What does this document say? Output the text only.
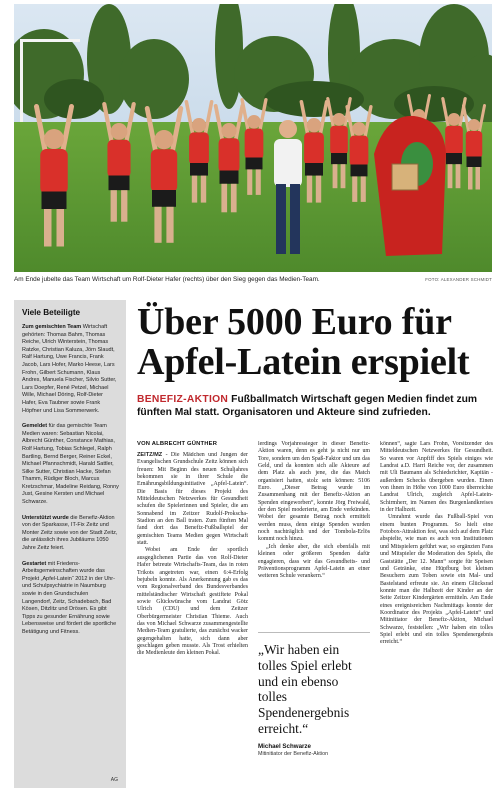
Am Ende jubelte das Team Wirtschaft um Rolf-Dieter Hafer (rechts) über den Sieg gegen das Medien-Team.	FOTO: ALEXANDER SCHMIDT
Viele Beteiligte

Zum gemischten Team Wirtschaft gehörten: Thomas Bahm, Thomas Reiche, Ulrich Winterstein, Thomas Ratzke, Christian Kaluza, Jörn Slaudt, Ralf Hartung, Uwe Francis, Frank Jacob, Lars Hofer, Marko Heese, Lars Frohn, Gilbert Schumann, Klaus Andres, Manuela Fischer, Silvio Sutter, Lars Doepfer, René Petzel, Michael Wille, Michael Döring, Rolf-Dieter Hafer, Eva Taubner sowie Frank Höpfner und Lisa Sommerwerk.

Gemeldet für das gemischte Team Medien waren: Sebastian Nicolai, Albrecht Günther, Constance Mathias, Rolf Hartung, Tobias Schlegel, Ralph Bartling, Bernd Berger, Reiner Eckel, Michael Pfannschmidt, Harald Sattler, Silke Sutter, Christian Hacke, Stefan Thamm, Rüdiger Bloch, Marcus Kretzschmar, Madeline Reidang, Ronny Just, Gesine Kersten und Michael Schwarze.

Unterstützt wurde die Benefiz-Aktion von der Sparkasse, IT-Fix Zeitz und Monter Zeitz sowie von der Stadt Zeitz, die anlässlich ihres Jubiläums 1050 Jahre Zeitz feiert.

Gestartet mit Friedens-Arbeitsgemeinschaften wurde das Projekt „Apfel-Latein“ 2012 in der Uhr- und Schulpsychiatrie in Naumburg sowie in den Grundschulen Langendorf, Zeitz, Schadebach, Bad Kösen, Ditzlitz und Drösen. Es gibt Tipps zu gesunder Ernährung sowie Lebensweise und fördert die sportliche Betätigung und Fitness.

AG
Über 5000 Euro für
Apfel-Latein erspielt

BENEFIZ-AKTION Fußballmatch Wirtschaft gegen Medien findet zum fünften Mal statt. Organisatoren und Akteure sind zufrieden.

VON ALBRECHT GÜNTHER

ZEITZ/MZ - Die Mädchen und Jungen der Evangelischen Grundschule Zeitz können sich freuen: Mit Beginn des neuen Schuljahres bekommen sie in ihrer Schule die Ernährungsbildungsinitiative „Apfel-Latein“. Die Basis für dieses Projekt des Mitteldeutschen Netzwerkes für Gesundheit schufen die Spielerinnen und Spieler, die am Sonnabend im Zeitzer Rudolf-Prokscha-Stadion an den Ball traten. Zum fünften Mal fand dort das Benefiz-Fußballspiel der gemischten Teams Medien gegen Wirtschaft statt.

Wobei am Ende der sportlich ausgeglichenen Partie das von Rolf-Dieter Hafer betreute Wirtschafts-Team, das in roten Trikots angetreten war, einen 6:4-Erfolg bejubeln konnte. Als Anerkennung gab es das vom Regionalverband des Bundesverbandes mittelständischer Wirtschaft gestiftete Pokal sowie Glückwünsche vom Landrat Götz Ulrich (CDU) und dem Zeitzer Oberbürgermeister Christian Thieme. Auch das von Michael Schwarze zusammengestellte Medien-Team gratulierte, das zunächst wacker gegengehalten hatte, sich dann aber geschlagen geben musste. Als Trost erhielten die Medienleute den kleinen Pokal.

lerdings Vorjahressieger in dieser Benefiz-Aktion waren, denn es geht ja nicht nur um Tore, sondern um den Spaß-Faktor und um das Geld, und da konnten sich alle Akteure auf dem Platz als auch jene, die das Match organisiert hatten, stolz sein können: 5106 Euro. „Dieser Betrag wurde im Zusammenhang mit der Benefiz-Aktion an Spenden eingeworben“, konnte Jörg Freiwald, der den Spiel moderierte, am Ende verkünden. Wobei der gesamte Betrag noch ermittelt werden muss, denn einige Spenden wurden noch nachträglich und der Tombola-Erlös kommt noch hinzu.

„Ich denke aber, die sich ebenfalls mit kleinen oder größeren Spenden dafür engagieren, dass wir das Gesundheits- und Präventionsprogramm Apfel-Latein an einer weiteren Schule verankern.“

„Wir haben ein tolles Spiel erlebt und ein ebenso tolles Spendenergebnis erreicht.“
Michael Schwarze
Mitinitiator der Benefiz-Aktion

können“, sagte Lars Frohn, Vorsitzender des Mitteldeutschen Netzwerkes für Gesundheit. So waren vor Anpfiff des Spiels einiges wie Landrat a.D. Harri Reiche vor, der zusammen mit Uli Baumann als Schiedsrichter, Kapitän - außerdem Schecks übergeben wurden. Einen von ihnen in Höhe von 1000 Euro überreichte Landrat Ulrich, zugleich Apfel-Latein-Schirmherr, im Namen des Burgenlandkreises in der Halbzeit.

Umrahmt wurde das Fußball-Spiel von einem bunten Programm. So hielt eine Fotobox-Attraktion fest, was sich auf dem Platz abspielte, wie man es auch von Institutionen und Mitspielern geführt war, so ergänzten Fans und Mitspieler die Moderation des Spiels, die Gaststätte „Der 12. Mann“ sorgte für Speisen und Getränke, eine Hüpfburg bot kleinen Besuchern zum Toben sowie ein Mal- und Bastelstand erfreute sie. An einem Glücksrad konnte man die Halbzeit der Kinder an der Seite Zeitzer Kindergärten ermitteln. Am Ende eines ereignisreichen Nachmittags konnte der Koordinator des Projekts „Apfel-Latein“ und Mitinitiator der Benefiz-Aktion, Michael Schwarze, feststellen: „Wir haben ein tolles Spiel erlebt und ein tolles Spendenergebnis erreicht.“
